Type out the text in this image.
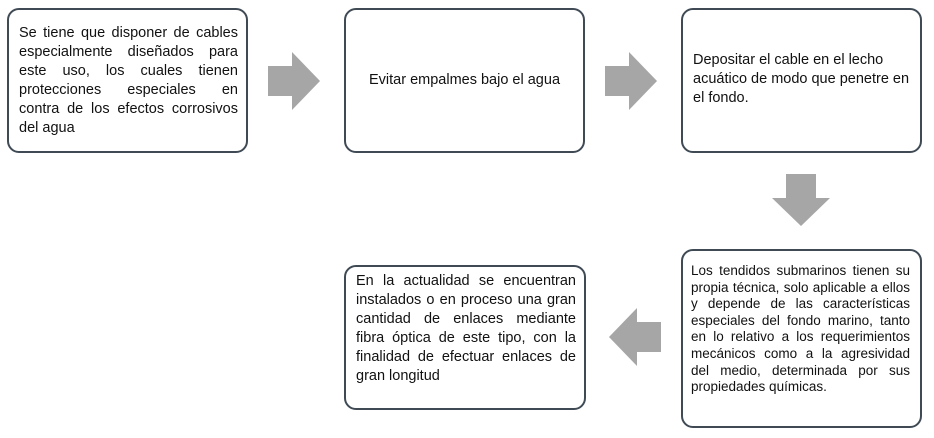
Se tiene que disponer de cables especialmente diseñados para este uso, los cuales tienen protecciones especiales en contra de los efectos corrosivos del agua
Evitar empalmes bajo el agua
Depositar el cable en el lecho acuático de modo que penetre en el fondo.
Los tendidos submarinos tienen su propia técnica, solo aplicable a ellos y depende de las características especiales del fondo marino, tanto en lo relativo a los requerimientos mecánicos como a la agresividad del medio, determinada por sus propiedades químicas.
En la actualidad se encuentran instalados o en proceso una gran cantidad de enlaces mediante fibra óptica de este tipo, con la finalidad de efectuar enlaces de gran longitud
